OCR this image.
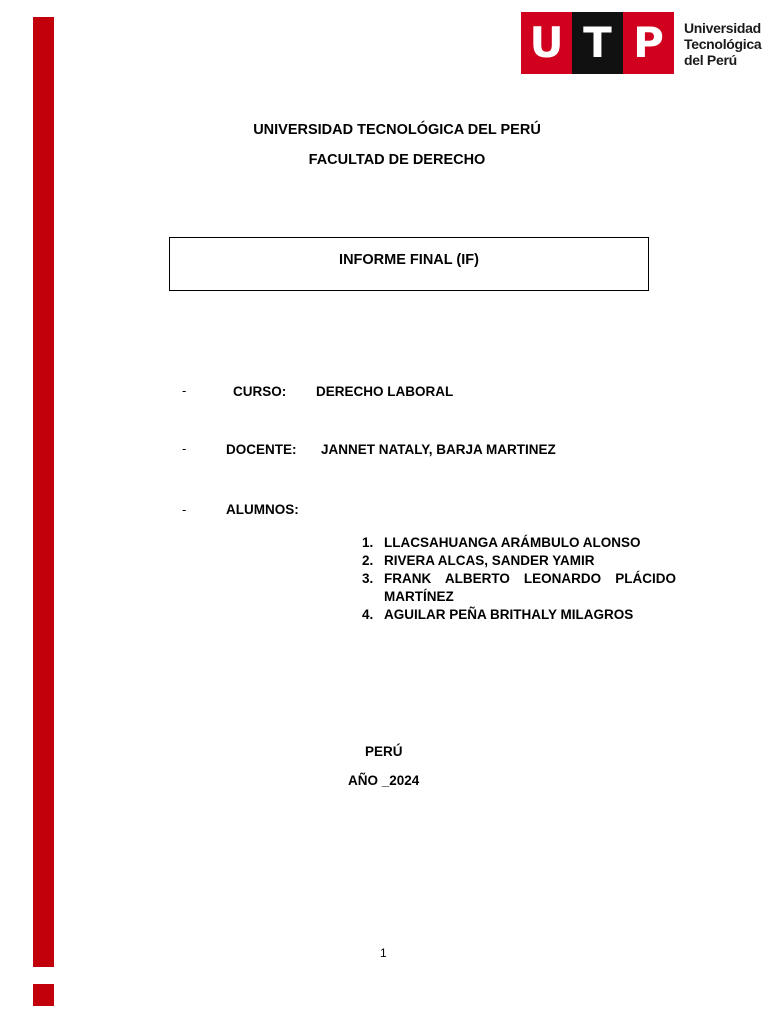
U T P	Universidad
Tecnológica
del Perú
UNIVERSIDAD TECNOLÓGICA DEL PERÚ
FACULTAD DE DERECHO
INFORME FINAL (IF)
-	CURSO: DERECHO LABORAL
-	DOCENTE: JANNET NATALY, BARJA MARTINEZ
-	ALUMNOS:
1. LLACSAHUANGA ARÁMBULO ALONSO
2. RIVERA ALCAS, SANDER YAMIR
3. FRANK ALBERTO LEONARDO PLÁCIDO MARTÍNEZ
4. AGUILAR PEÑA BRITHALY MILAGROS
PERÚ
AÑO _2024
1
